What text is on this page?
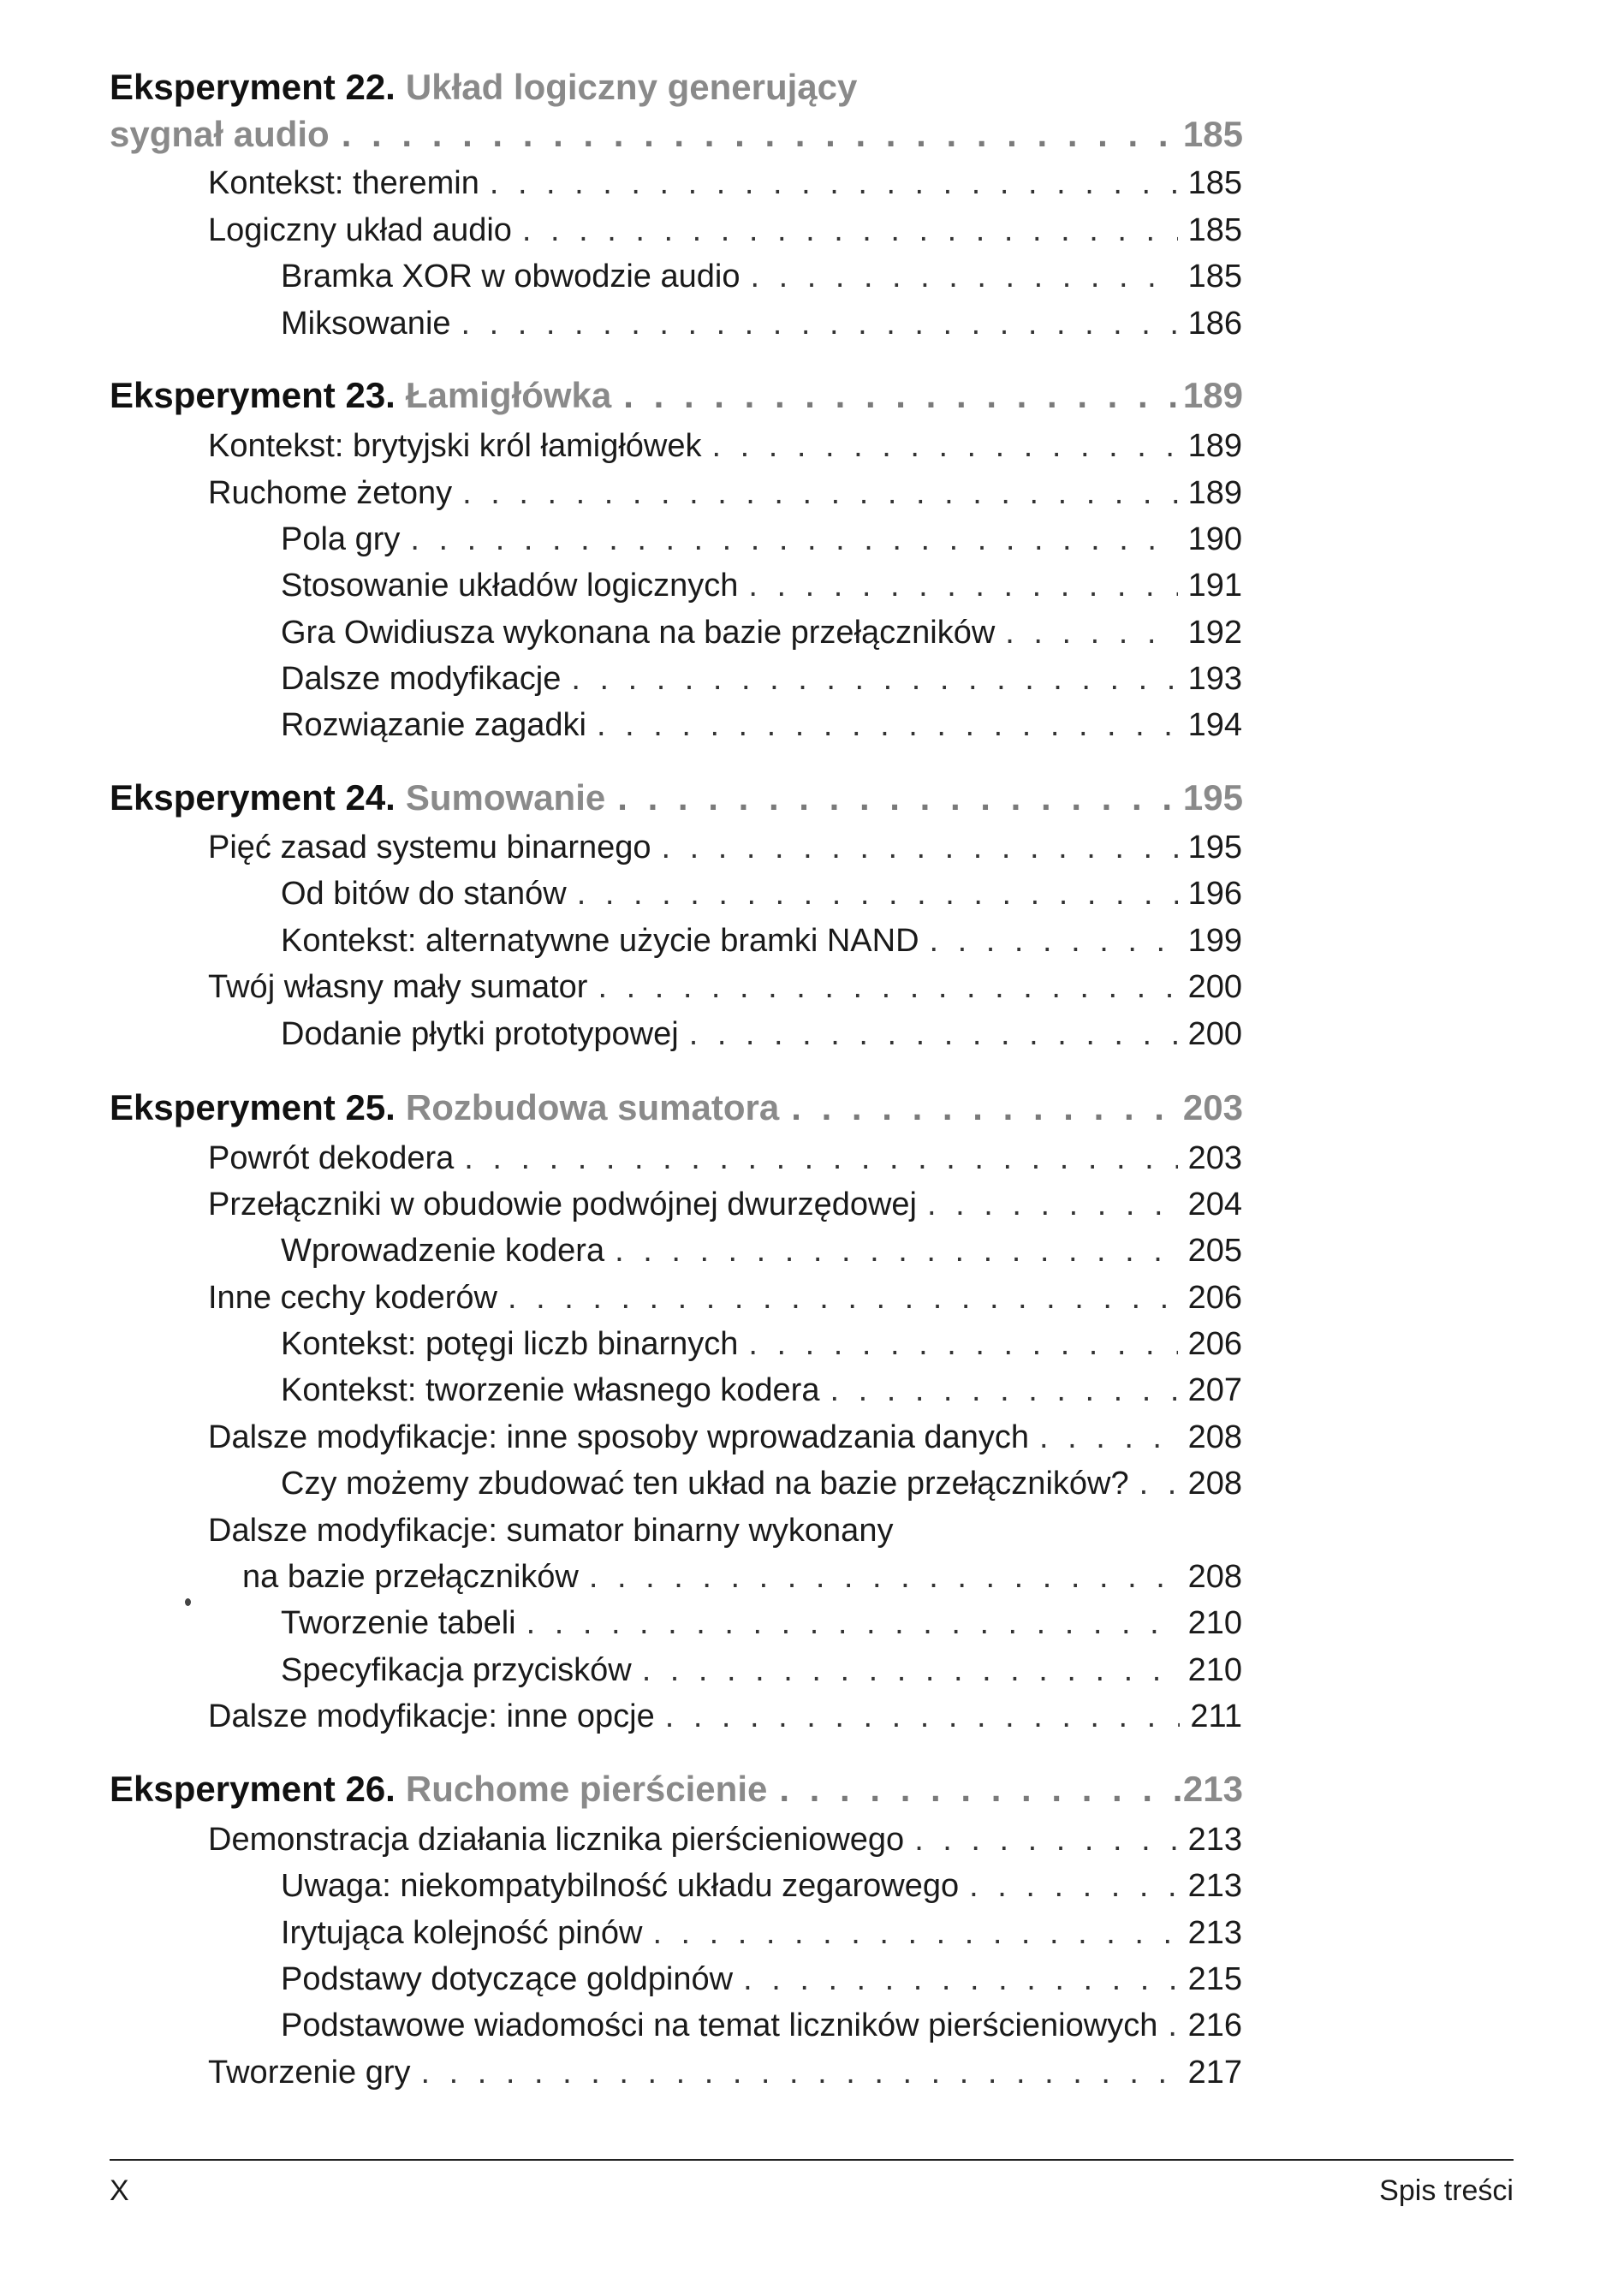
Eksperyment 22. Układ logiczny generujący
sygnał audio . . .	185
Kontekst: theremin . . .	185
Logiczny układ audio . . .	185
Bramka XOR w obwodzie audio . . .	185
Miksowanie . . .	186
Eksperyment 23. Łamigłówka . . .	189
Kontekst: brytyjski król łamigłówek . . .	189
Ruchome żetony . . .	189
Pola gry . . .	190
Stosowanie układów logicznych . . .	191
Gra Owidiusza wykonana na bazie przełączników . . .	192
Dalsze modyfikacje . . .	193
Rozwiązanie zagadki . . .	194
Eksperyment 24. Sumowanie . . .	195
Pięć zasad systemu binarnego . . .	195
Od bitów do stanów . . .	196
Kontekst: alternatywne użycie bramki NAND . . .	199
Twój własny mały sumator . . .	200
Dodanie płytki prototypowej . . .	200
Eksperyment 25. Rozbudowa sumatora . . .	203
Powrót dekodera . . .	203
Przełączniki w obudowie podwójnej dwurzędowej . . .	204
Wprowadzenie kodera . . .	205
Inne cechy koderów . . .	206
Kontekst: potęgi liczb binarnych . . .	206
Kontekst: tworzenie własnego kodera . . .	207
Dalsze modyfikacje: inne sposoby wprowadzania danych . . .	208
Czy możemy zbudować ten układ na bazie przełączników? . . . 208
Dalsze modyfikacje: sumator binarny wykonany
na bazie przełączników . . .	208
Tworzenie tabeli . . .	210
Specyfikacja przycisków . . .	210
Dalsze modyfikacje: inne opcje . . .	211
Eksperyment 26. Ruchome pierścienie . . .	213
Demonstracja działania licznika pierścieniowego . . .	213
Uwaga: niekompatybilność układu zegarowego . . .	213
Irytująca kolejność pinów . . .	213
Podstawy dotyczące goldpinów . . .	215
Podstawowe wiadomości na temat liczników pierścieniowych . . . 216
Tworzenie gry . . .	217
X	Spis treści
